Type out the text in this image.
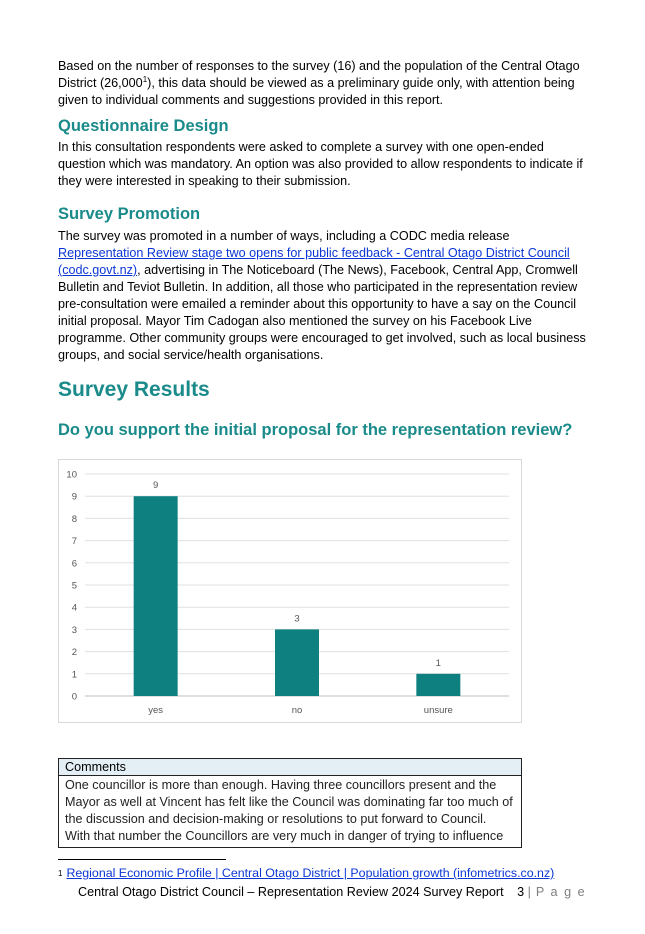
Based on the number of responses to the survey (16) and the population of the Central Otago District (26,000$^1$), this data should be viewed as a preliminary guide only, with attention being given to individual comments and suggestions provided in this report.

Questionnaire Design

In this consultation respondents were asked to complete a survey with one open-ended question which was mandatory. An option was also provided to allow respondents to indicate if they were interested in speaking to their submission.

Survey Promotion

The survey was promoted in a number of ways, including a CODC media release Representation Review stage two opens for public feedback - Central Otago District Council (codc.govt.nz), advertising in The Noticeboard (The News), Facebook, Central App, Cromwell Bulletin and Teviot Bulletin. In addition, all those who participated in the representation review pre-consultation were emailed a reminder about this opportunity to have a say on the Council initial proposal. Mayor Tim Cadogan also mentioned the survey on his Facebook Live programme. Other community groups were encouraged to get involved, such as local business groups, and social service/health organisations.

Survey Results
Do you support the initial proposal for the representation review?
0
1
2
3
4
5
6
7
8
9
10
9
yes
3
no
1
unsure
Comments
One councillor is more than enough. Having three councillors present and the Mayor as well at Vincent has felt like the Council was dominating far too much of the discussion and decision-making or resolutions to put forward to Council. With that number the Councillors are very much in danger of trying to influence
$^1$ Regional Economic Profile | Central Otago District | Population growth (infometrics.co.nz)
Central Otago District Council – Representation Review 2024 Survey Report 3 | P a g e
